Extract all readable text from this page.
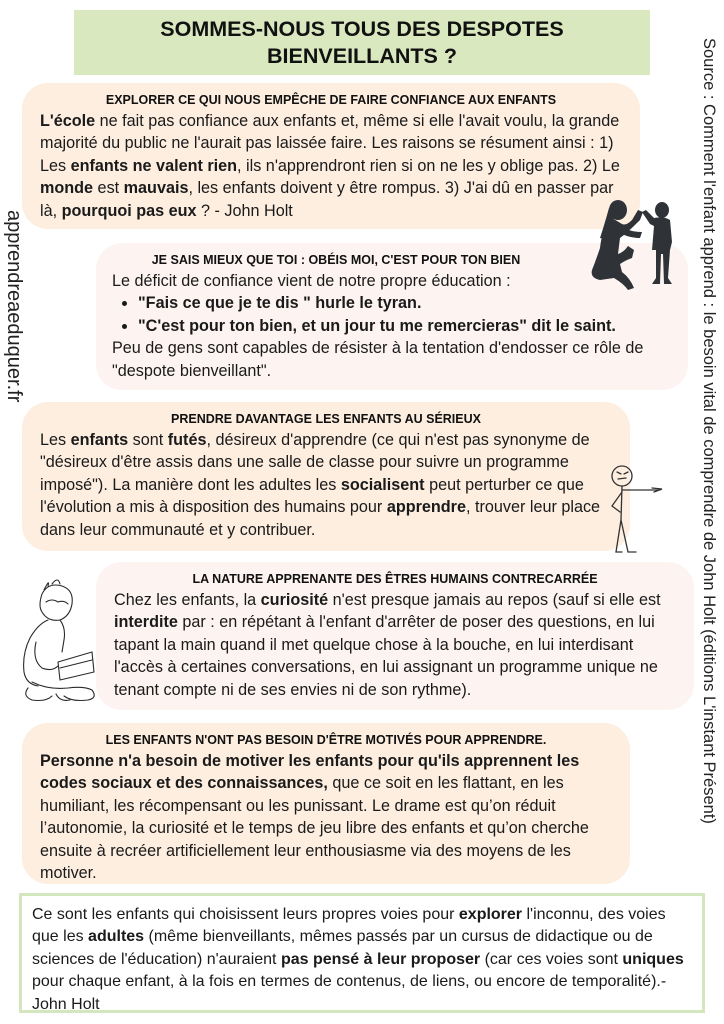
SOMMES-NOUS TOUS DES DESPOTES
BIENVEILLANTS ?	Source : Comment l'enfant apprend : le besoin vital de comprendre de John Holt (éditions L'instant Présent)
apprendreaeduquer.fr
EXPLORER CE QUI NOUS EMPÊCHE DE FAIRE CONFIANCE AUX ENFANTS

L'école ne fait pas confiance aux enfants et, même si elle l'avait voulu, la grande majorité du public ne l'aurait pas laissée faire. Les raisons se résument ainsi : 1) Les enfants ne valent rien, ils n'apprendront rien si on ne les y oblige pas. 2) Le monde est mauvais, les enfants doivent y être rompus. 3) J'ai dû en passer par là, pourquoi pas eux ? - John Holt

JE SAIS MIEUX QUE TOI : OBÉIS MOI, C'EST POUR TON BIEN

Le déficit de confiance vient de notre propre éducation :

• "Fais ce que je te dis " hurle le tyran.
• "C'est pour ton bien, et un jour tu me remercieras" dit le saint.

Peu de gens sont capables de résister à la tentation d'endosser ce rôle de "despote bienveillant".

PRENDRE DAVANTAGE LES ENFANTS AU SÉRIEUX

Les enfants sont futés, désireux d'apprendre (ce qui n'est pas synonyme de "désireux d'être assis dans une salle de classe pour suivre un programme imposé"). La manière dont les adultes les socialisent peut perturber ce que l'évolution a mis à disposition des humains pour apprendre, trouver leur place dans leur communauté et y contribuer.

LA NATURE APPRENANTE DES ÊTRES HUMAINS CONTRECARRÉE

Chez les enfants, la curiosité n'est presque jamais au repos (sauf si elle est interdite par : en répétant à l'enfant d'arrêter de poser des questions, en lui tapant la main quand il met quelque chose à la bouche, en lui interdisant l'accès à certaines conversations, en lui assignant un programme unique ne tenant compte ni de ses envies ni de son rythme).

LES ENFANTS N'ONT PAS BESOIN D'ÊTRE MOTIVÉS POUR APPRENDRE.

Personne n'a besoin de motiver les enfants pour qu'ils apprennent les codes sociaux et des connaissances, que ce soit en les flattant, en les humiliant, les récompensant ou les punissant. Le drame est qu’on réduit l’autonomie, la curiosité et le temps de jeu libre des enfants et qu’on cherche ensuite à recréer artificiellement leur enthousiasme via des moyens de les motiver.

Ce sont les enfants qui choisissent leurs propres voies pour explorer l'inconnu, des voies que les adultes (même bienveillants, mêmes passés par un cursus de didactique ou de sciences de l'éducation) n'auraient pas pensé à leur proposer (car ces voies sont uniques pour chaque enfant, à la fois en termes de contenus, de liens, ou encore de temporalité).- John Holt
